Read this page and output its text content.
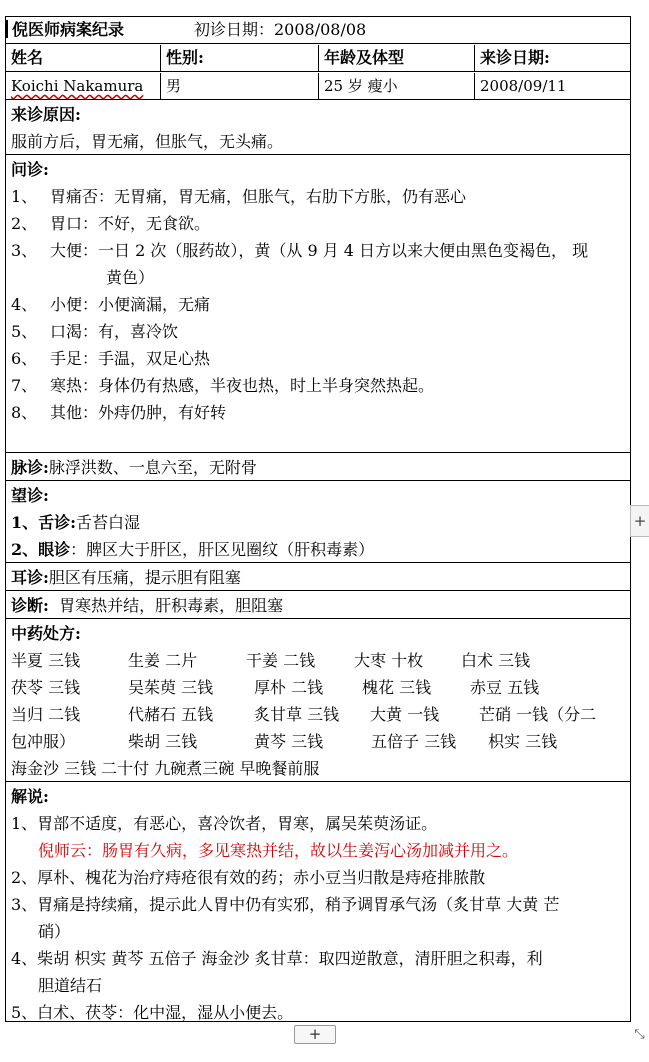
倪医师病案纪录	初诊日期：2008/08/08
姓名	性别:	年龄及体型	来诊日期:
Koichi Nakamura	男	25 岁 瘦小	2008/09/11
来诊原因:
服前方后，胃无痛，但胀气，无头痛。
问诊:
1、 胃痛否：无胃痛，胃无痛，但胀气，右肋下方胀，仍有恶心
2、 胃口：不好，无食欲。
3、 大便：一日 2 次（服药故），黄（从 9 月 4 日方以来大便由黑色变褐色， 现
黄色）
4、 小便：小便滴漏，无痛
5、 口渴：有，喜冷饮
6、 手足：手温，双足心热
7、 寒热：身体仍有热感，半夜也热，时上半身突然热起。
8、 其他：外痔仍肿，有好转
脉诊:脉浮洪数、一息六至，无附骨
望诊:
1、舌诊:舌苔白湿
2、眼诊：脾区大于肝区，肝区见圈纹（肝积毒素）
耳诊:胆区有压痛，提示胆有阻塞
诊断: 胃寒热并结，肝积毒素，胆阻塞
中药处方:
半夏 三钱	生姜 二片	干姜 二钱 大枣 十枚 白术 三钱
茯苓 三钱	吴茱萸 三钱	厚朴 二钱 槐花 三钱 赤豆 五钱
当归 二钱	代赭石 五钱	炙甘草 三钱 大黄 一钱 芒硝 一钱（分二
包冲服）	柴胡 三钱	黄芩 三钱	五倍子 三钱 枳实 三钱
海金沙 三钱 二十付 九碗煮三碗 早晚餐前服
解说:
1、胃部不适度，有恶心，喜冷饮者，胃寒，属吴茱萸汤证。
倪师云：肠胃有久病，多见寒热并结，故以生姜泻心汤加减并用之。
2、厚朴、槐花为治疗痔疮很有效的药；赤小豆当归散是痔疮排脓散
3、胃痛是持续痛，提示此人胃中仍有实邪，稍予调胃承气汤（炙甘草 大黄 芒
硝）
4、柴胡 枳实 黄芩 五倍子 海金沙 炙甘草：取四逆散意，清肝胆之积毒，利
胆道结石
5、白术、茯苓：化中湿，湿从小便去。
+
+	⤡
